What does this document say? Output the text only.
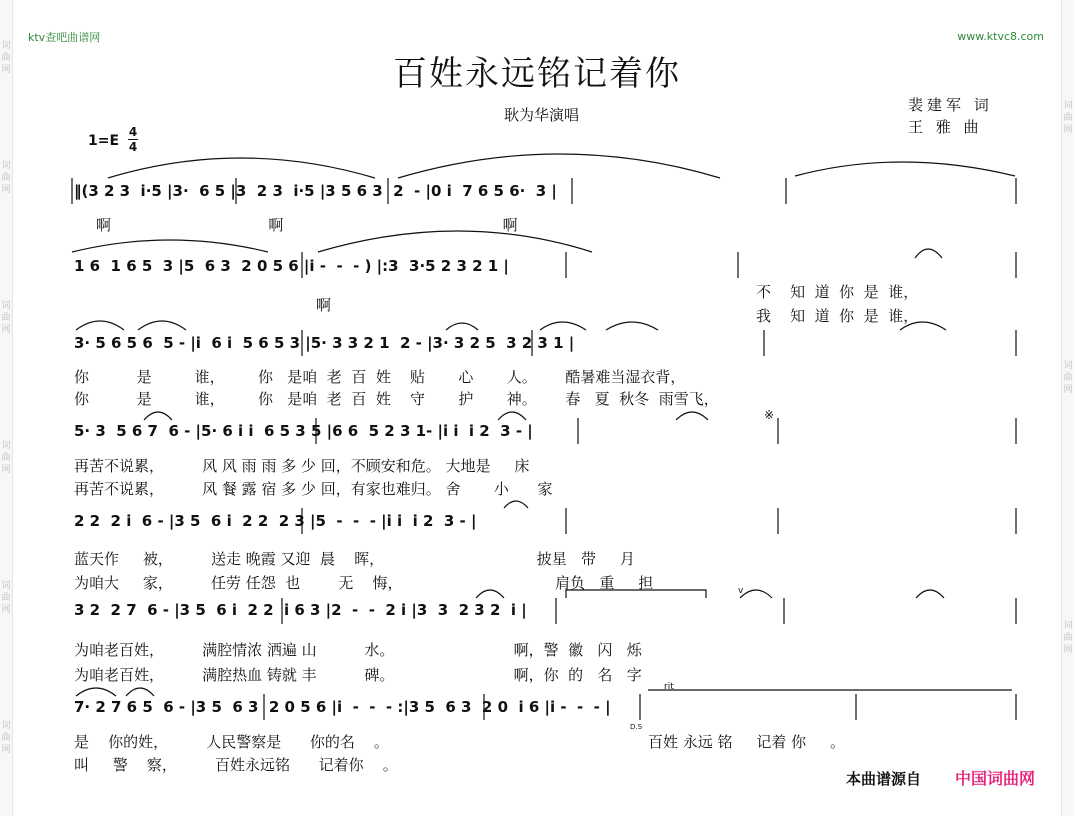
词
曲
网
词
曲
网
词
曲
网
词
曲
网
词
曲
网
词
曲
网
词
曲
网
词
曲
网
词
曲
网
ktv查吧曲谱网	www.ktvc8.com
百姓永远铭记着你
耿为华演唱
裴建军 词
王 雅 曲
1=E
4
4
‖(3 2 3  i·5 |3·  6 5 |3  2 3  i·5 |3 5 6 3  2  - |0 i  7 6 5 6·  3 |
1 6  1 6 5  3 |5  6 3  2 0 5 6 |i -  -  - ) |:3  3·5 2 3 2 1 |
3· 5 6 5 6  5 - |i  6 i  5 6 5 3 |5· 3 3 2 1  2 - |3· 3 2 5  3 2 3 1 |
5· 3  5 6 7  6 - |5· 6 i i  6 5 3 5 |6 6  5 2 3 1- |i i  i 2  3 - |
2 2  2 i  6 - |3 5  6 i  2 2  2 3 |5  -  -  - |i i  i 2  3 - |
3 2  2 7  6 - |3 5  6 i  2 2  i 6 3 |2  -  -  2 i |3  3  2 3 2  i |
7· 2 7 6 5  6 - |3 5  6 3  2 0 5 6 |i  -  -  - :|3 5  6 3  2 0  i 6 |i -  -  - |
啊                                 啊                                              啊
啊
不    知  道  你  是  谁，
我    知  道  你  是  谁，
你          是         谁，       你   是咱  老  百  姓    贴       心       人。      酷暑难当湿衣背，
你          是         谁，       你   是咱  老  百  姓    守       护       神。      春   夏  秋冬  雨雪飞，
再苦不说累，        风 风 雨 雨 多 少 回，不顾安和危。 大地是     床
再苦不说累，        风 餐 露 宿 多 少 回，有家也难归。 舍       小      家
蓝天作     被，        送走 晚霞 又迎  晨    晖，                                披星   带     月
为咱大     家，        任劳 任怨  也        无    悔，                                肩负   重     担
为咱老百姓，        满腔情浓 洒遍 山          水。                         啊，警  徽   闪   烁
为咱老百姓，        满腔热血 铸就 丰          碑。                         啊，你  的   名   字
是    你的姓，        人民警察是      你的名    。
叫     警    察，        百姓永远铭      记着你    。
百姓 永远 铭     记着 你     。
※
v
rit
D.S
本曲谱源自 中国词曲网
